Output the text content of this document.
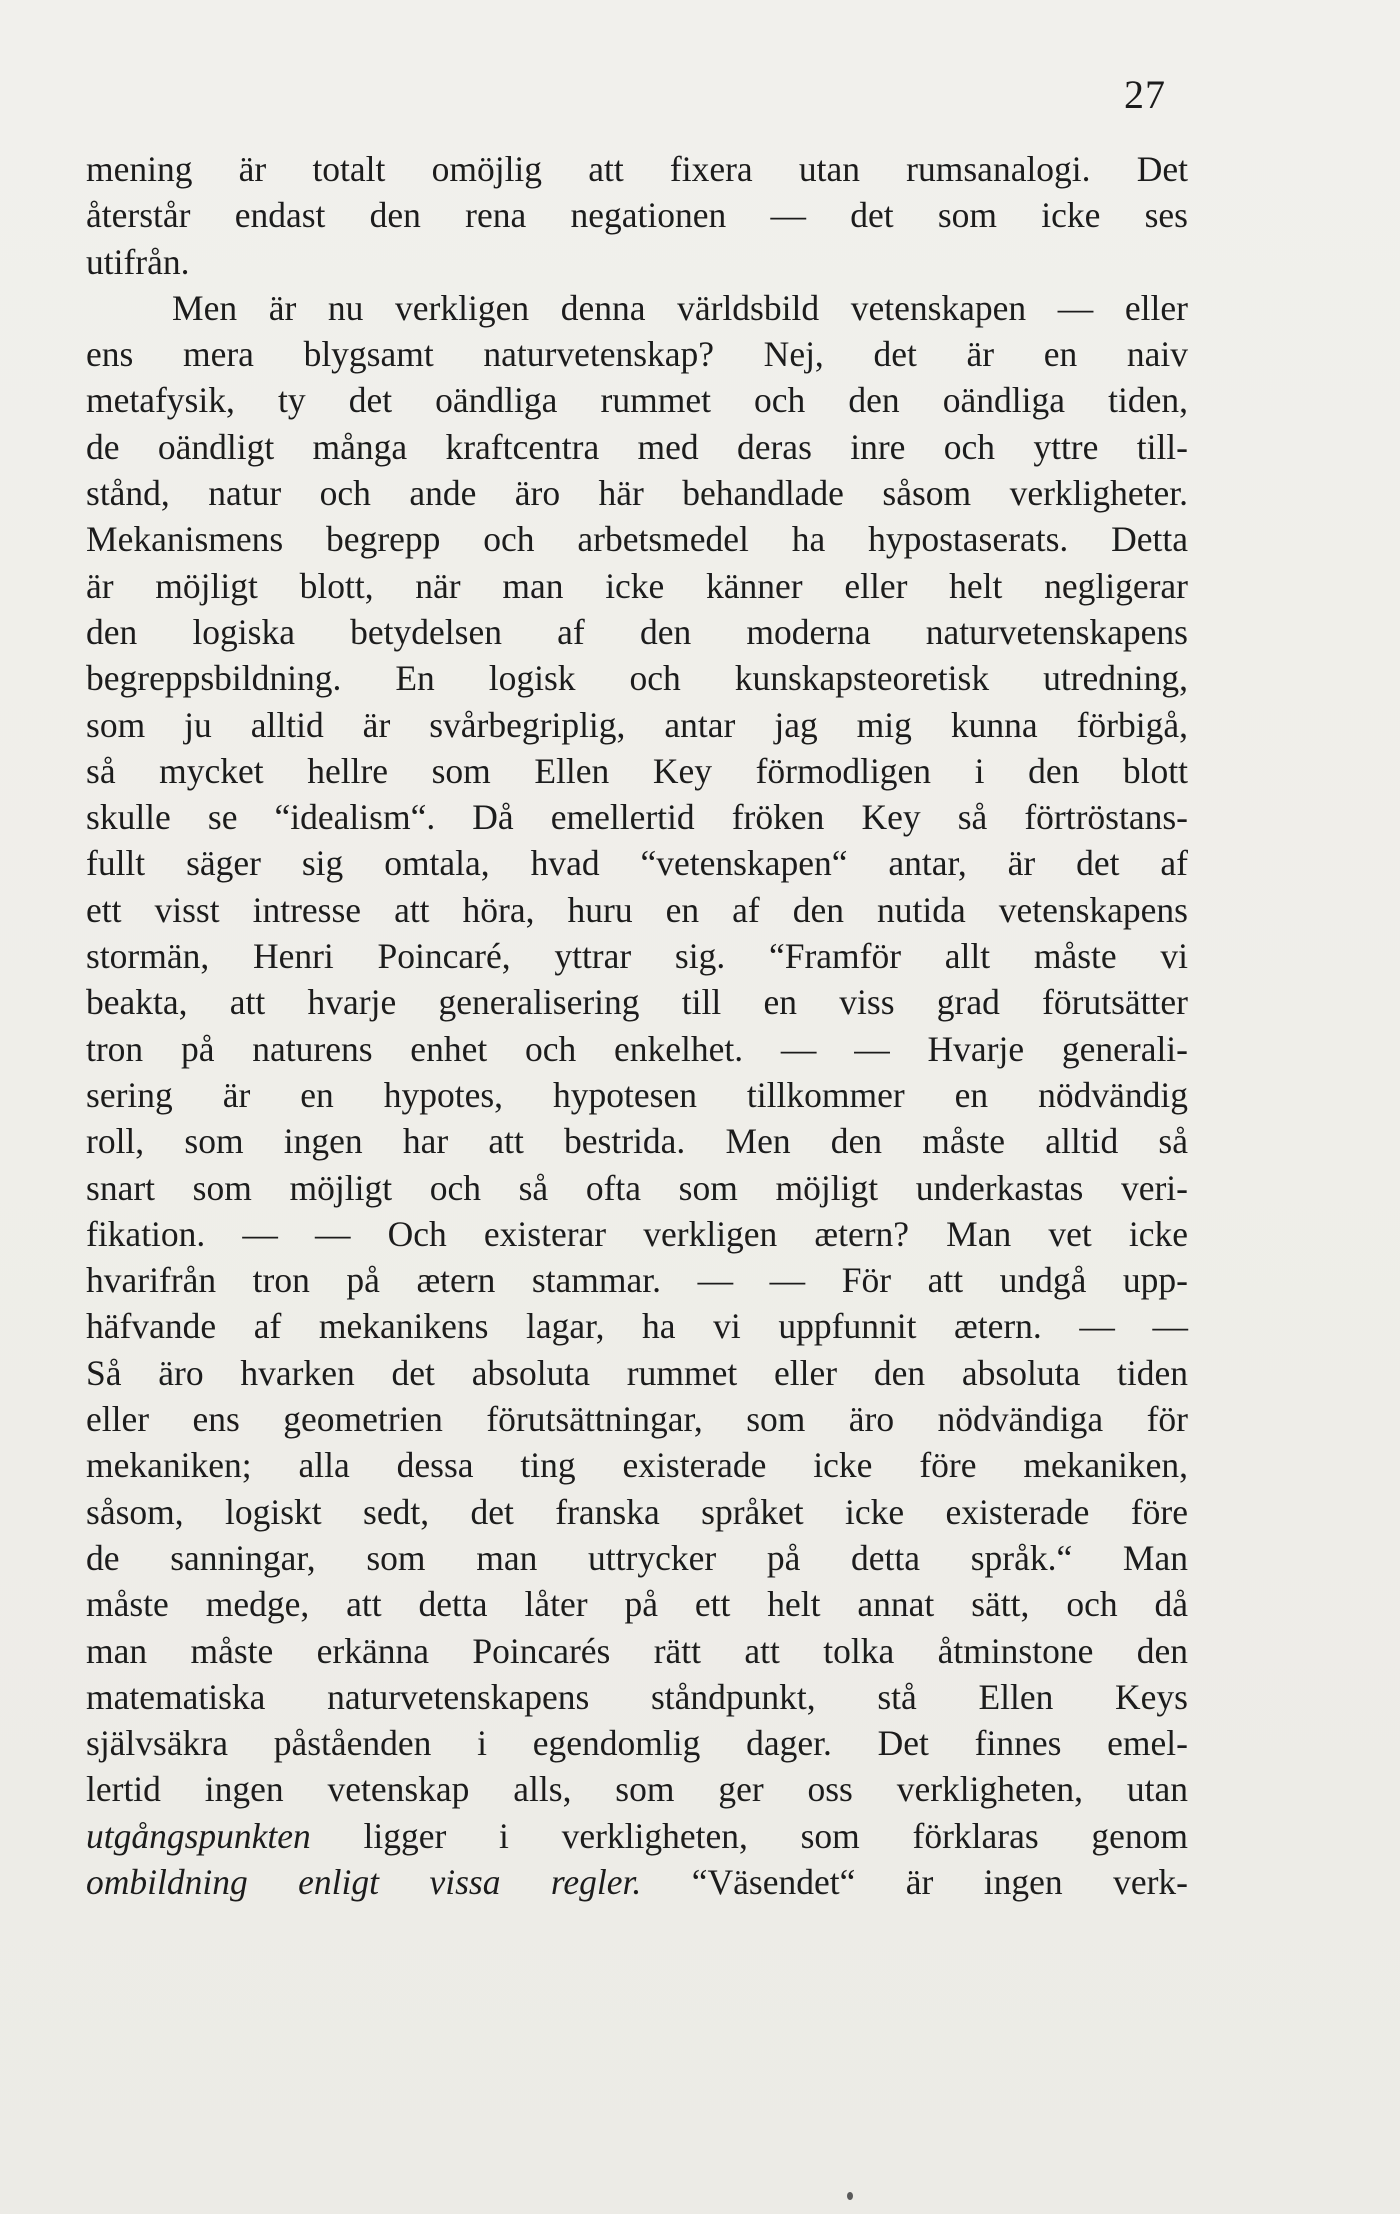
27
mening är totalt omöjlig att fixera utan rumsanalogi. Det
återstår endast den rena negationen — det som icke ses
utifrån.
Men är nu verkligen denna världsbild vetenskapen — eller
ens mera blygsamt naturvetenskap? Nej, det är en naiv
metafysik, ty det oändliga rummet och den oändliga tiden,
de oändligt många kraftcentra med deras inre och yttre till-
stånd, natur och ande äro här behandlade såsom verkligheter.
Mekanismens begrepp och arbetsmedel ha hypostaserats. Detta
är möjligt blott, när man icke känner eller helt negligerar
den logiska betydelsen af den moderna naturvetenskapens
begreppsbildning. En logisk och kunskapsteoretisk utredning,
som ju alltid är svårbegriplig, antar jag mig kunna förbigå,
så mycket hellre som Ellen Key förmodligen i den blott
skulle se “idealism“. Då emellertid fröken Key så förtröstans-
fullt säger sig omtala, hvad “vetenskapen“ antar, är det af
ett visst intresse att höra, huru en af den nutida vetenskapens
stormän, Henri Poincaré, yttrar sig. “Framför allt måste vi
beakta, att hvarje generalisering till en viss grad förutsätter
tron på naturens enhet och enkelhet. — — Hvarje generali-
sering är en hypotes, hypotesen tillkommer en nödvändig
roll, som ingen har att bestrida. Men den måste alltid så
snart som möjligt och så ofta som möjligt underkastas veri-
fikation. — — Och existerar verkligen ætern? Man vet icke
hvarifrån tron på ætern stammar. — — För att undgå upp-
häfvande af mekanikens lagar, ha vi uppfunnit ætern. — —
Så äro hvarken det absoluta rummet eller den absoluta tiden
eller ens geometrien förutsättningar, som äro nödvändiga för
mekaniken; alla dessa ting existerade icke före mekaniken,
såsom, logiskt sedt, det franska språket icke existerade före
de sanningar, som man uttrycker på detta språk.“ Man
måste medge, att detta låter på ett helt annat sätt, och då
man måste erkänna Poincarés rätt att tolka åtminstone den
matematiska naturvetenskapens ståndpunkt, stå Ellen Keys
självsäkra påståenden i egendomlig dager. Det finnes emel-
lertid ingen vetenskap alls, som ger oss verkligheten, utan
utgångspunkten ligger i verkligheten, som förklaras genom
ombildning enligt vissa regler. “Väsendet“ är ingen verk-
